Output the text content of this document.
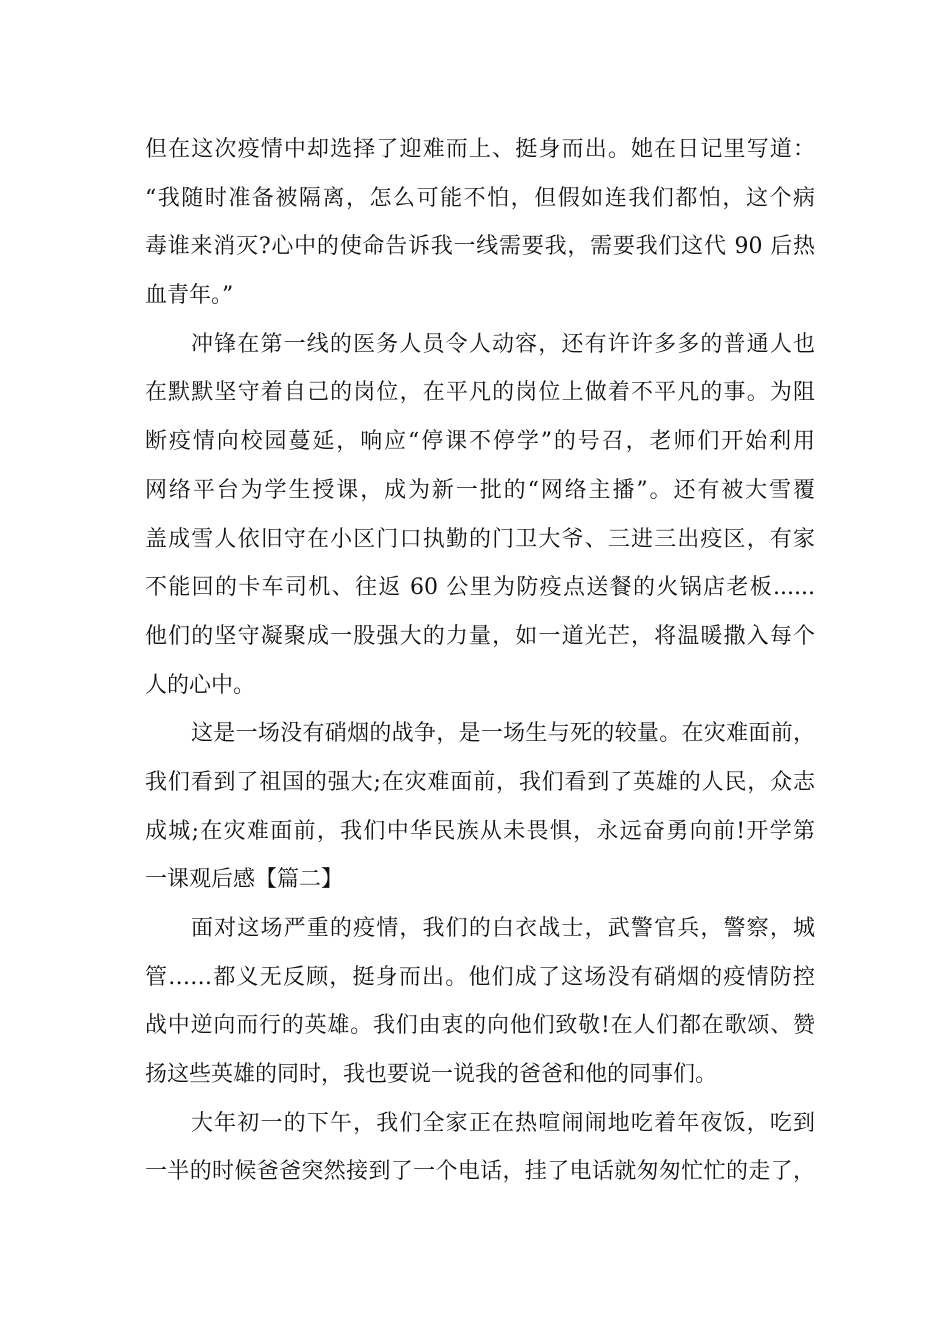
但在这次疫情中却选择了迎难而上、挺身而出。她在日记里写道：
“我随时准备被隔离，怎么可能不怕，但假如连我们都怕，这个病
毒谁来消灭?心中的使命告诉我一线需要我，需要我们这代 90 后热
血青年。”
冲锋在第一线的医务人员令人动容，还有许许多多的普通人也
在默默坚守着自己的岗位，在平凡的岗位上做着不平凡的事。为阻
断疫情向校园蔓延，响应“停课不停学”的号召，老师们开始利用
网络平台为学生授课，成为新一批的“网络主播”。还有被大雪覆
盖成雪人依旧守在小区门口执勤的门卫大爷、三进三出疫区，有家
不能回的卡车司机、往返 60 公里为防疫点送餐的火锅店老板......
他们的坚守凝聚成一股强大的力量，如一道光芒，将温暖撒入每个
人的心中。
这是一场没有硝烟的战争，是一场生与死的较量。在灾难面前，
我们看到了祖国的强大;在灾难面前，我们看到了英雄的人民，众志
成城;在灾难面前，我们中华民族从未畏惧，永远奋勇向前!开学第
一课观后感【篇二】
面对这场严重的疫情，我们的白衣战士，武警官兵，警察，城
管……都义无反顾，挺身而出。他们成了这场没有硝烟的疫情防控
战中逆向而行的英雄。我们由衷的向他们致敬!在人们都在歌颂、赞
扬这些英雄的同时，我也要说一说我的爸爸和他的同事们。
大年初一的下午，我们全家正在热喧闹闹地吃着年夜饭，吃到
一半的时候爸爸突然接到了一个电话，挂了电话就匆匆忙忙的走了，
